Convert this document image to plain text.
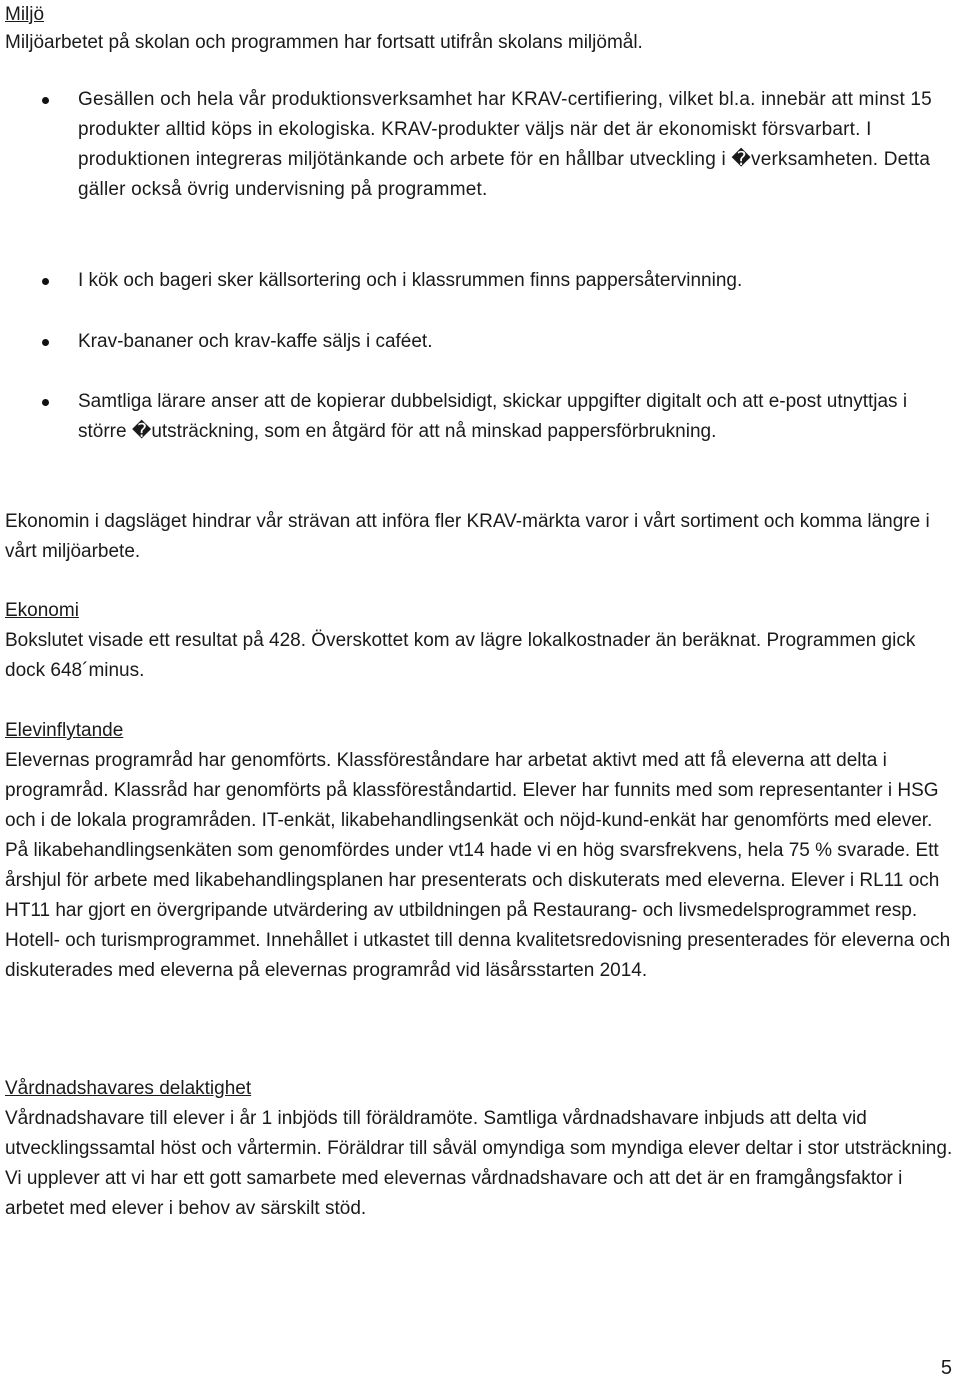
Miljö

Miljöarbetet på skolan och programmen har fortsatt utifrån skolans miljömål.

Gesällen och hela vår produktionsverksamhet har KRAV-certifiering, vilket bl.a. innebär att minst 15 produkter alltid köps in ekologiska. KRAV-produkter väljs när det är ekonomiskt försvarbart. I produktionen integreras miljötänkande och arbete för en hållbar utveckling i �verksamheten. Detta gäller också övrig undervisning på programmet.

I kök och bageri sker källsortering och i klassrummen finns pappersåtervinning.

Krav-bananer och krav-kaffe säljs i caféet.

Samtliga lärare anser att de kopierar dubbelsidigt, skickar uppgifter digitalt och att e-post utnyttjas i större �utsträckning, som en åtgärd för att nå minskad pappersförbrukning.

Ekonomin i dagsläget hindrar vår strävan att införa fler KRAV-märkta varor i vårt sortiment och komma längre i vårt miljöarbete.

Ekonomi

Bokslutet visade ett resultat på 428. Överskottet kom av lägre lokalkostnader än beräknat. Programmen gick dock 648´minus.

Elevinflytande

Elevernas programråd har genomförts. Klassföreståndare har arbetat aktivt med att få eleverna att delta i programråd. Klassråd har genomförts på klassföreståndartid. Elever har funnits med som representanter i HSG och i de lokala programråden. IT-enkät, likabehandlingsenkät och nöjd-kund-enkät har genomförts med elever. På likabehandlingsenkäten som genomfördes under vt14 hade vi en hög svarsfrekvens, hela 75 % svarade. Ett årshjul för arbete med likabehandlingsplanen har presenterats och diskuterats med eleverna. Elever i RL11 och HT11 har gjort en övergripande utvärdering av utbildningen på Restaurang- och livsmedelsprogrammet resp. Hotell- och turismprogrammet. Innehållet i utkastet till denna kvalitetsredovisning presenterades för eleverna och diskuterades med eleverna på elevernas programråd vid läsårsstarten 2014.

Vårdnadshavares delaktighet

Vårdnadshavare till elever i år 1 inbjöds till föräldramöte. Samtliga vårdnadshavare inbjuds att delta vid utvecklingssamtal höst och vårtermin. Föräldrar till såväl omyndiga som myndiga elever deltar i stor utsträckning. Vi upplever att vi har ett gott samarbete med elevernas vårdnadshavare och att det är en framgångsfaktor i arbetet med elever i behov av särskilt stöd.

5
